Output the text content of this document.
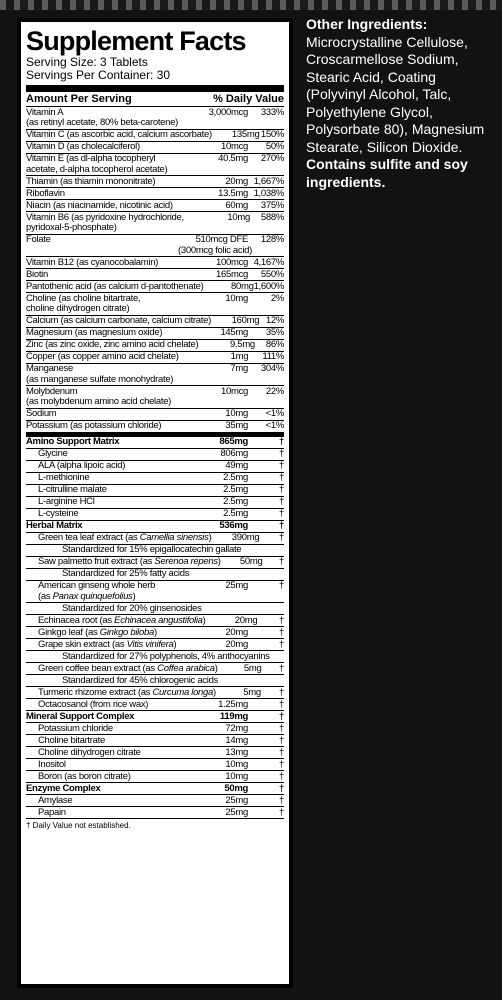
Supplement Facts
Serving Size: 3 Tablets
Servings Per Container: 30
Amount Per Serving	% Daily Value
Vitamin A
(as retinyl acetate, 80% beta-carotene)
3,000mcg	333%
Vitamin C (as ascorbic acid, calcium ascorbate)	135mg 150%
Vitamin D (as cholecalciferol)	10mcg	50%
Vitamin E (as dl-alpha tocopheryl
acetate, d-alpha tocopherol acetate)
40.5mg	270%
Thiamin (as thiamin mononitrate)	20mg 1,667%
Riboflavin	13.5mg 1,038%
Niacin (as niacinamide, nicotinic acid)	60mg	375%
Vitamin B6 (as pyridoxine hydrochloride,
pyridoxal-5-phosphate)
10mg	588%
Folate	510mcg DFE
(300mcg folic acid)
128%
Vitamin B12 (as cyanocobalamin)	100mcg 4,167%
Biotin	165mcg	550%
Pantothenic acid (as calcium d-pantothenate)	80mg 1,600%
Choline (as choline bitartrate,
choline dihydrogen citrate)
10mg	2%
Calcium (as calcium carbonate, calcium citrate)	160mg 12%
Magnesium (as magnesium oxide)	145mg	35%
Zinc (as zinc oxide, zinc amino acid chelate)	9.5mg	86%
Copper (as copper amino acid chelate)	1mg	111%
Manganese
(as manganese sulfate monohydrate)
7mg	304%
Molybdenum
(as molybdenum amino acid chelate)
10mcg	22%
Sodium	10mg	<1%
Potassium (as potassium chloride)	35mg	<1%
Amino Support Matrix	865mg	†
Glycine	806mg	†
ALA (alpha lipoic acid)	49mg	†
L-methionine	2.5mg	†
L-citrulline malate	2.5mg	†
L-arginine HCl	2.5mg	†
L-cysteine	2.5mg	†
Herbal Matrix	536mg	†
Green tea leaf extract (as Camellia sinensis)	390mg	†
Standardized for 15% epigallocatechin gallate
Saw palmetto fruit extract (as Serenoa repens)	50mg	†
Standardized for 25% fatty acids
American ginseng whole herb
(as Panax quinquefolius)
25mg	†
Standardized for 20% ginsenosides
Echinacea root (as Echinacea angustifolia)	20mg	†
Ginkgo leaf (as Ginkgo biloba)	20mg	†
Grape skin extract (as Vitis vinifera)	20mg	†
Standardized for 27% polyphenols, 4% anthocyanins
Green coffee bean extract (as Coffea arabica)	5mg	†
Standardized for 45% chlorogenic acids
Turmeric rhizome extract (as Curcuma longa)	5mg	†
Octacosanol (from rice wax)	1.25mg	†
Mineral Support Complex	119mg	†
Potassium chloride	72mg	†
Choline bitartrate	14mg	†
Choline dihydrogen citrate	13mg	†
Inositol	10mg	†
Boron (as boron citrate)	10mg	†
Enzyme Complex	50mg	†
Amylase	25mg	†
Papain	25mg	†
† Daily Value not established.
Other Ingredients:
Microcrystalline Cellulose, Croscarmellose Sodium, Stearic Acid, Coating (Polyvinyl Alcohol, Talc, Polyethylene Glycol, Polysorbate 80), Magnesium Stearate, Silicon Dioxide. Contains sulfite and soy ingredients.
